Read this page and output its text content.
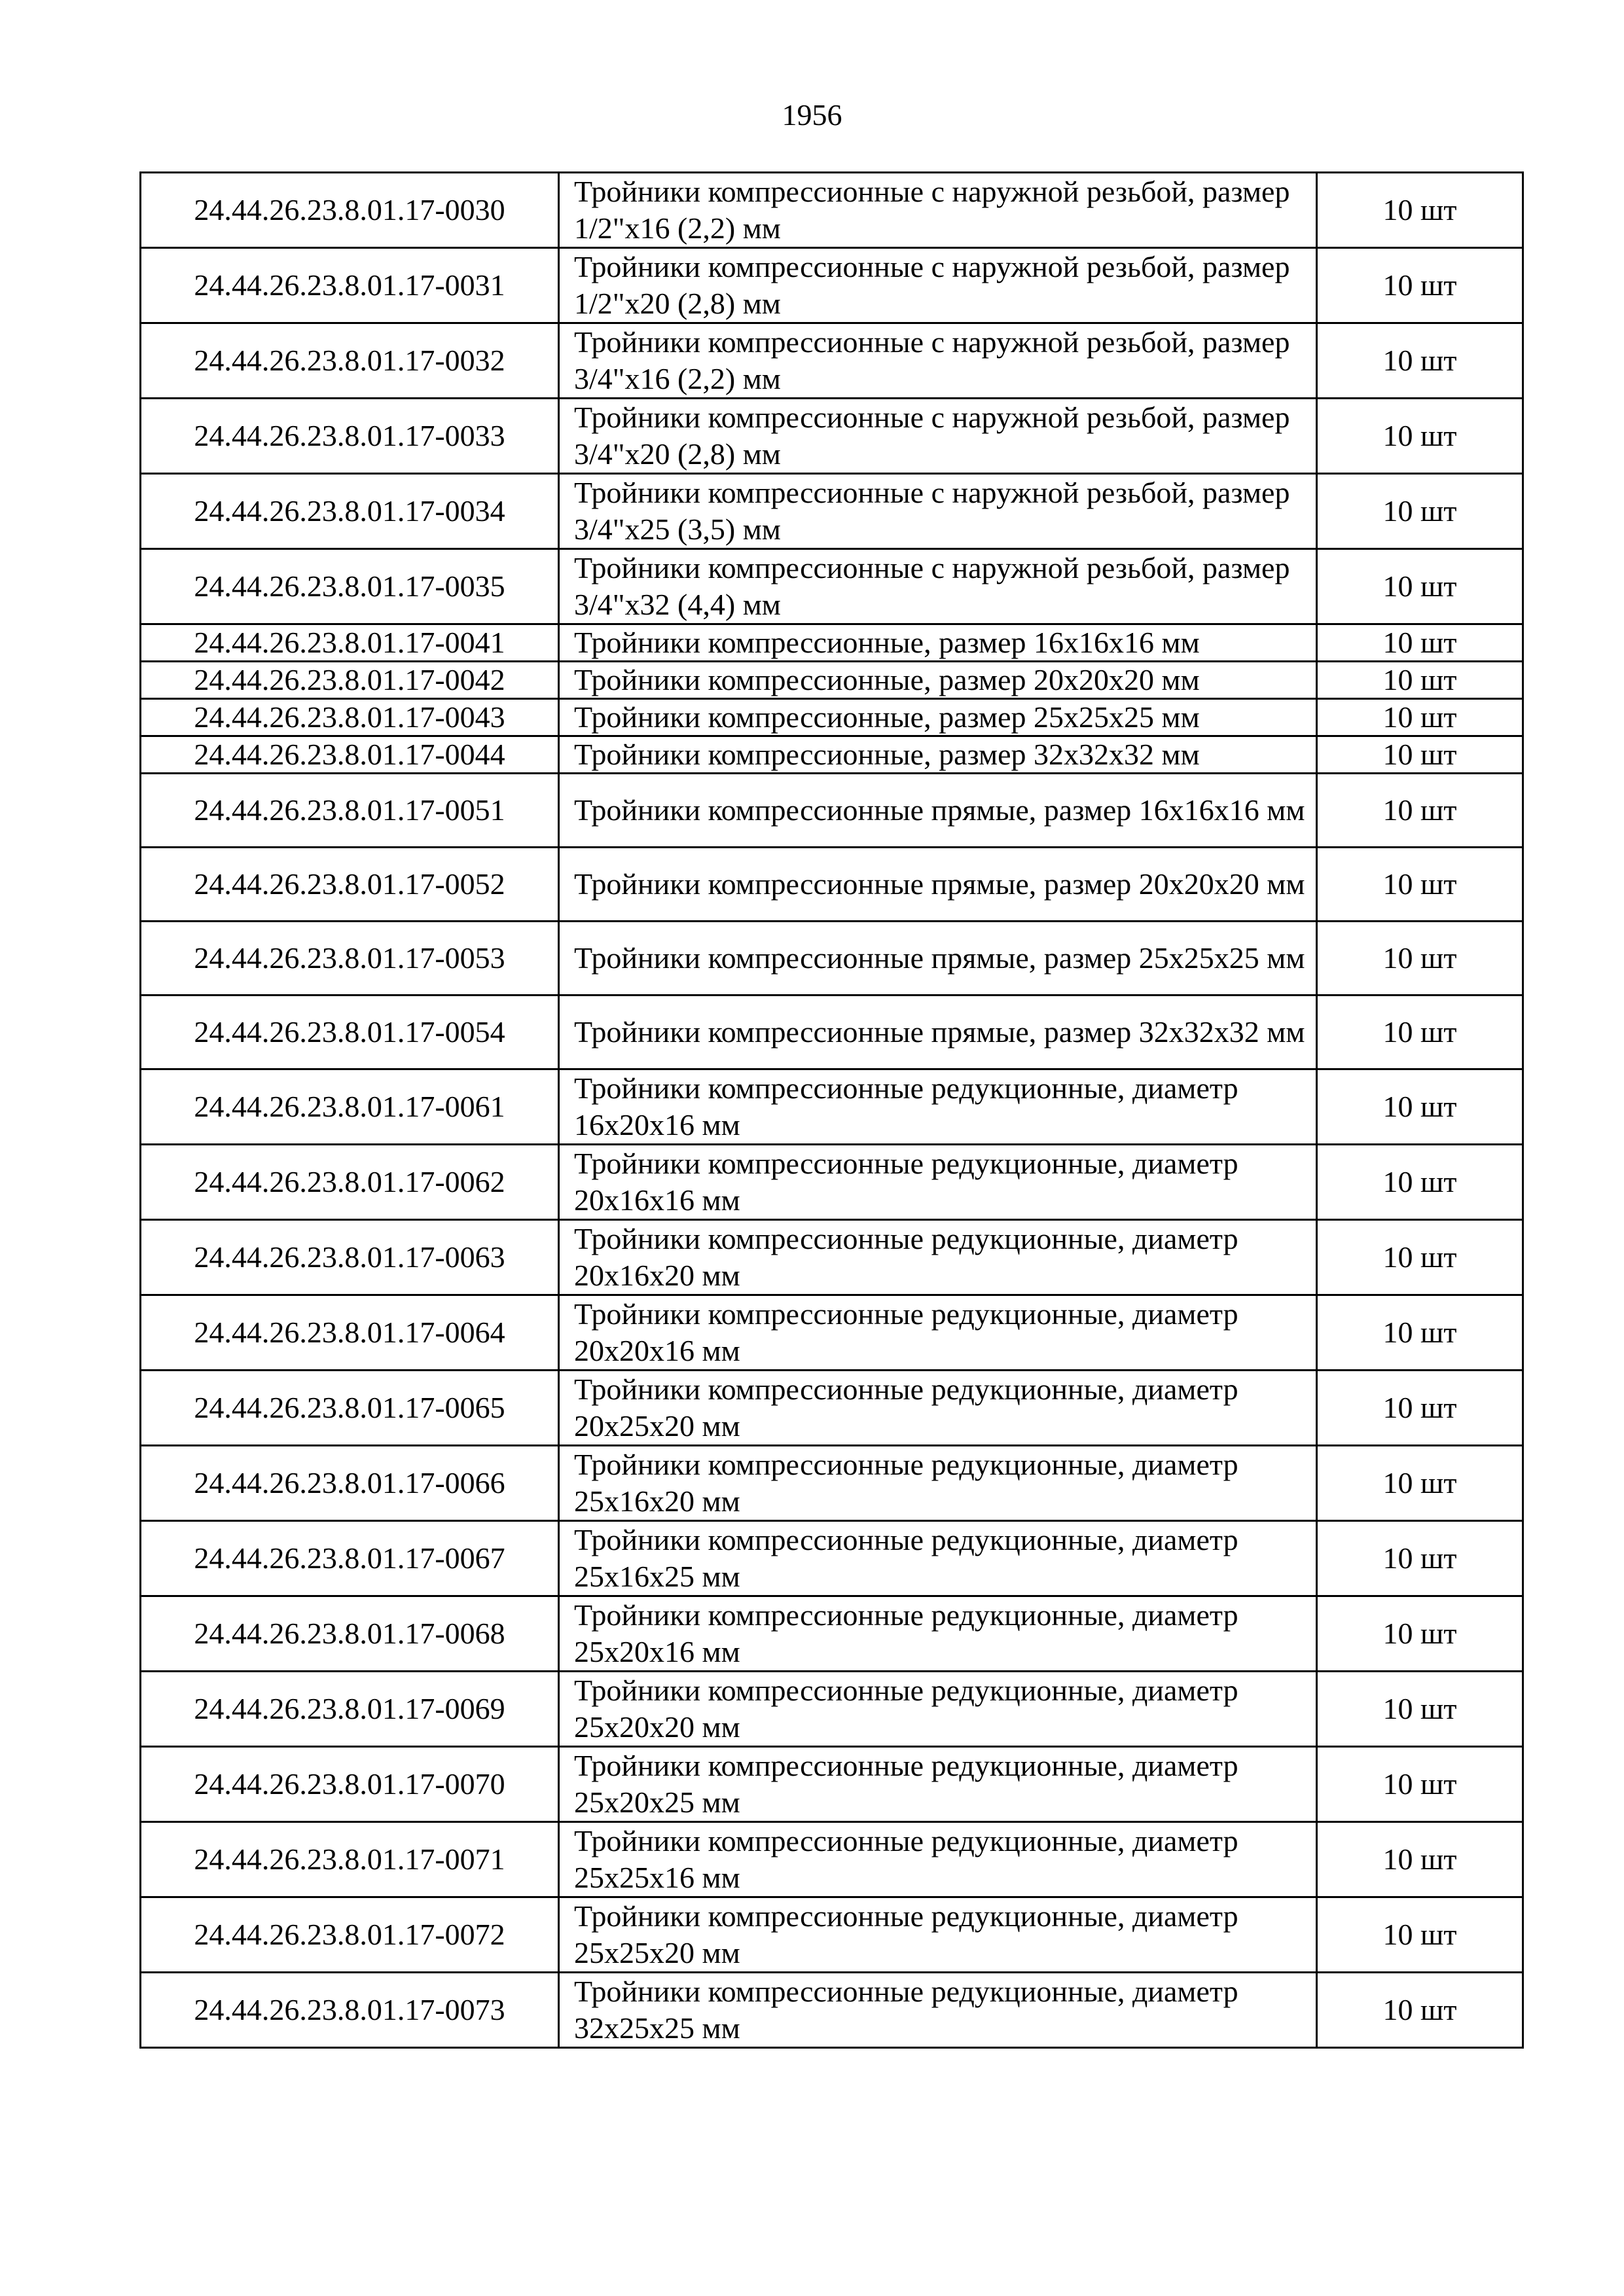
1956
24.44.26.23.8.01.17-0030	Тройники компрессионные с наружной резьбой, размер 1/2"х16 (2,2) мм	10 шт
24.44.26.23.8.01.17-0031	Тройники компрессионные с наружной резьбой, размер 1/2"х20 (2,8) мм	10 шт
24.44.26.23.8.01.17-0032	Тройники компрессионные с наружной резьбой, размер 3/4"х16 (2,2) мм	10 шт
24.44.26.23.8.01.17-0033	Тройники компрессионные с наружной резьбой, размер 3/4"х20 (2,8) мм	10 шт
24.44.26.23.8.01.17-0034	Тройники компрессионные с наружной резьбой, размер 3/4"х25 (3,5) мм	10 шт
24.44.26.23.8.01.17-0035	Тройники компрессионные с наружной резьбой, размер 3/4"х32 (4,4) мм	10 шт
24.44.26.23.8.01.17-0041	Тройники компрессионные, размер 16х16х16 мм	10 шт
24.44.26.23.8.01.17-0042	Тройники компрессионные, размер 20х20х20 мм	10 шт
24.44.26.23.8.01.17-0043	Тройники компрессионные, размер 25х25х25 мм	10 шт
24.44.26.23.8.01.17-0044	Тройники компрессионные, размер 32х32х32 мм	10 шт
24.44.26.23.8.01.17-0051	Тройники компрессионные прямые, размер 16х16х16 мм	10 шт
24.44.26.23.8.01.17-0052	Тройники компрессионные прямые, размер 20х20х20 мм	10 шт
24.44.26.23.8.01.17-0053	Тройники компрессионные прямые, размер 25х25х25 мм	10 шт
24.44.26.23.8.01.17-0054	Тройники компрессионные прямые, размер 32х32х32 мм	10 шт
24.44.26.23.8.01.17-0061	Тройники компрессионные редукционные, диаметр 16х20х16 мм	10 шт
24.44.26.23.8.01.17-0062	Тройники компрессионные редукционные, диаметр 20х16х16 мм	10 шт
24.44.26.23.8.01.17-0063	Тройники компрессионные редукционные, диаметр 20х16х20 мм	10 шт
24.44.26.23.8.01.17-0064	Тройники компрессионные редукционные, диаметр 20х20х16 мм	10 шт
24.44.26.23.8.01.17-0065	Тройники компрессионные редукционные, диаметр 20х25х20 мм	10 шт
24.44.26.23.8.01.17-0066	Тройники компрессионные редукционные, диаметр 25х16х20 мм	10 шт
24.44.26.23.8.01.17-0067	Тройники компрессионные редукционные, диаметр 25х16х25 мм	10 шт
24.44.26.23.8.01.17-0068	Тройники компрессионные редукционные, диаметр 25х20х16 мм	10 шт
24.44.26.23.8.01.17-0069	Тройники компрессионные редукционные, диаметр 25х20х20 мм	10 шт
24.44.26.23.8.01.17-0070	Тройники компрессионные редукционные, диаметр 25х20х25 мм	10 шт
24.44.26.23.8.01.17-0071	Тройники компрессионные редукционные, диаметр 25х25х16 мм	10 шт
24.44.26.23.8.01.17-0072	Тройники компрессионные редукционные, диаметр 25х25х20 мм	10 шт
24.44.26.23.8.01.17-0073	Тройники компрессионные редукционные, диаметр 32х25х25 мм	10 шт
